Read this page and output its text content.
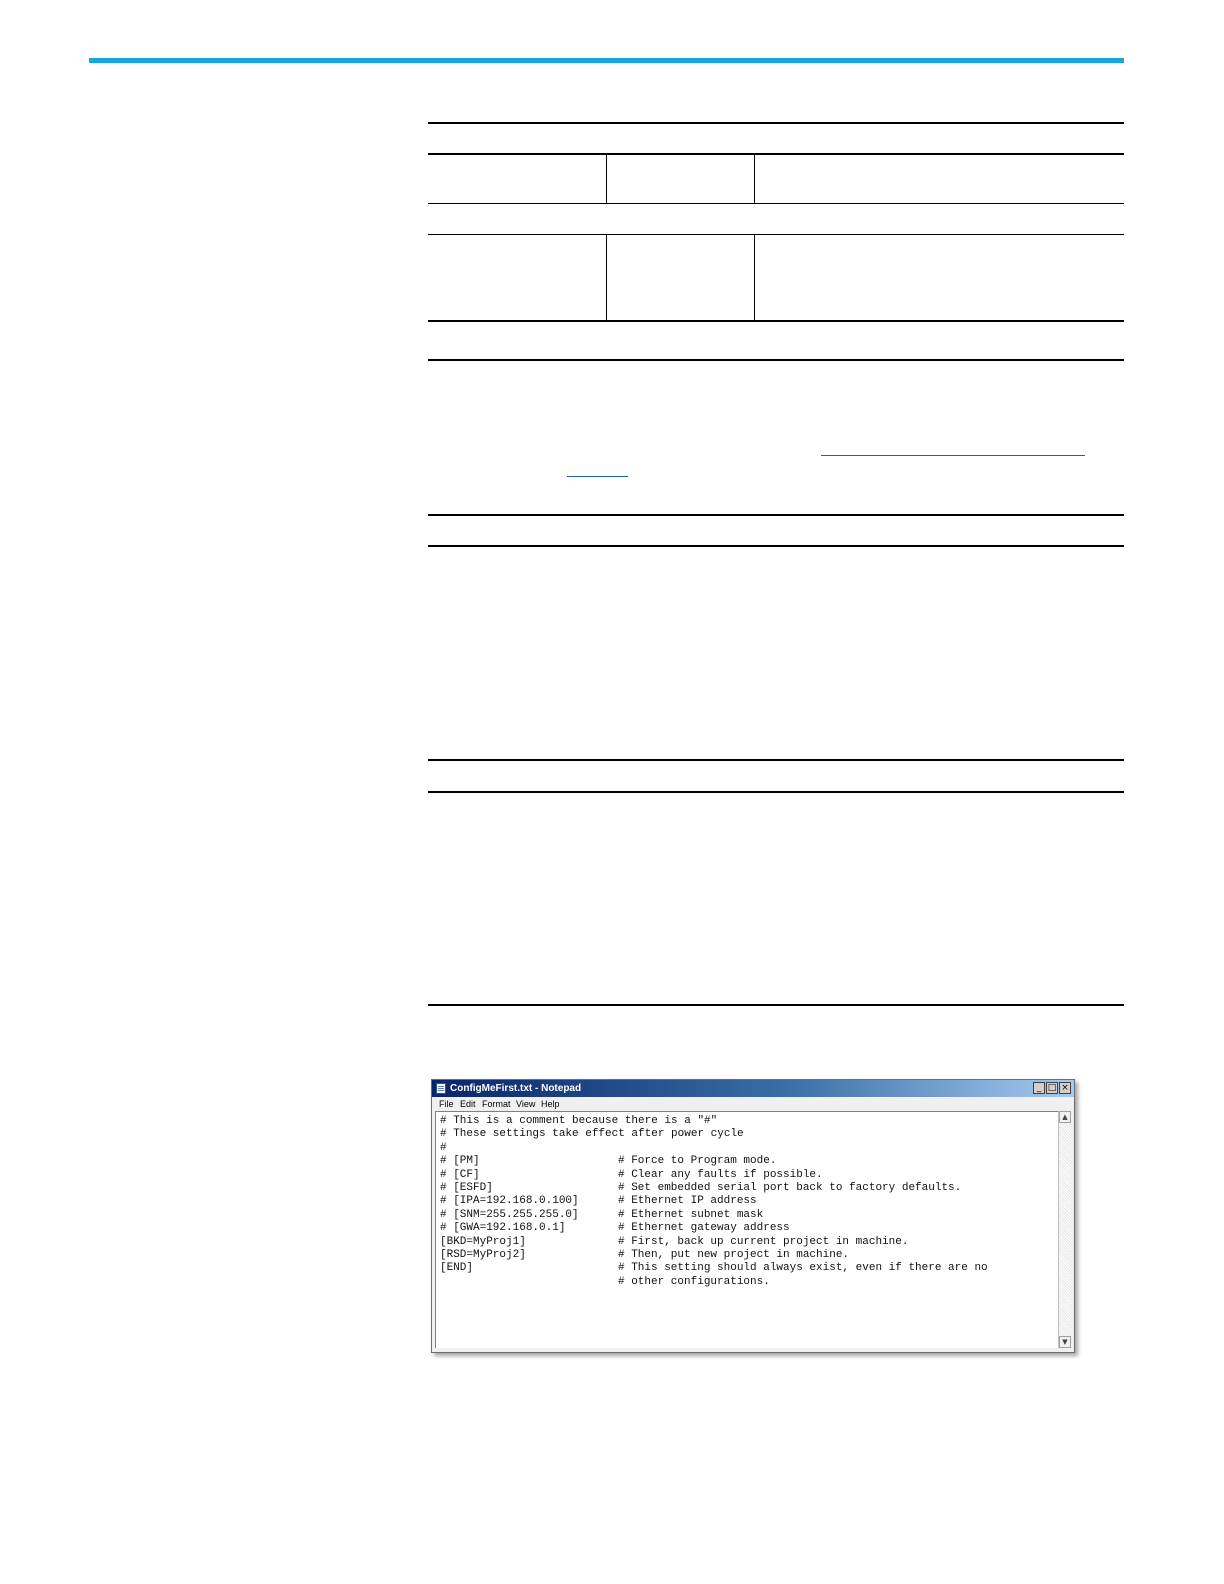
ConfigMeFirst.txt - Notepad	_ □ ×
File Edit Format View Help
# This is a comment because there is a "#"
# These settings take effect after power cycle
#
# [PM]	# Force to Program mode.
# [CF]	# Clear any faults if possible.
# [ESFD]	# Set embedded serial port back to factory defaults.
# [IPA=192.168.0.100]	# Ethernet IP address
# [SNM=255.255.255.0]	# Ethernet subnet mask
# [GWA=192.168.0.1]	# Ethernet gateway address
[BKD=MyProj1]	# First, back up current project in machine.
[RSD=MyProj2]	# Then, put new project in machine.
[END]	# This setting should always exist, even if there are no
# other configurations.
▲
▼
